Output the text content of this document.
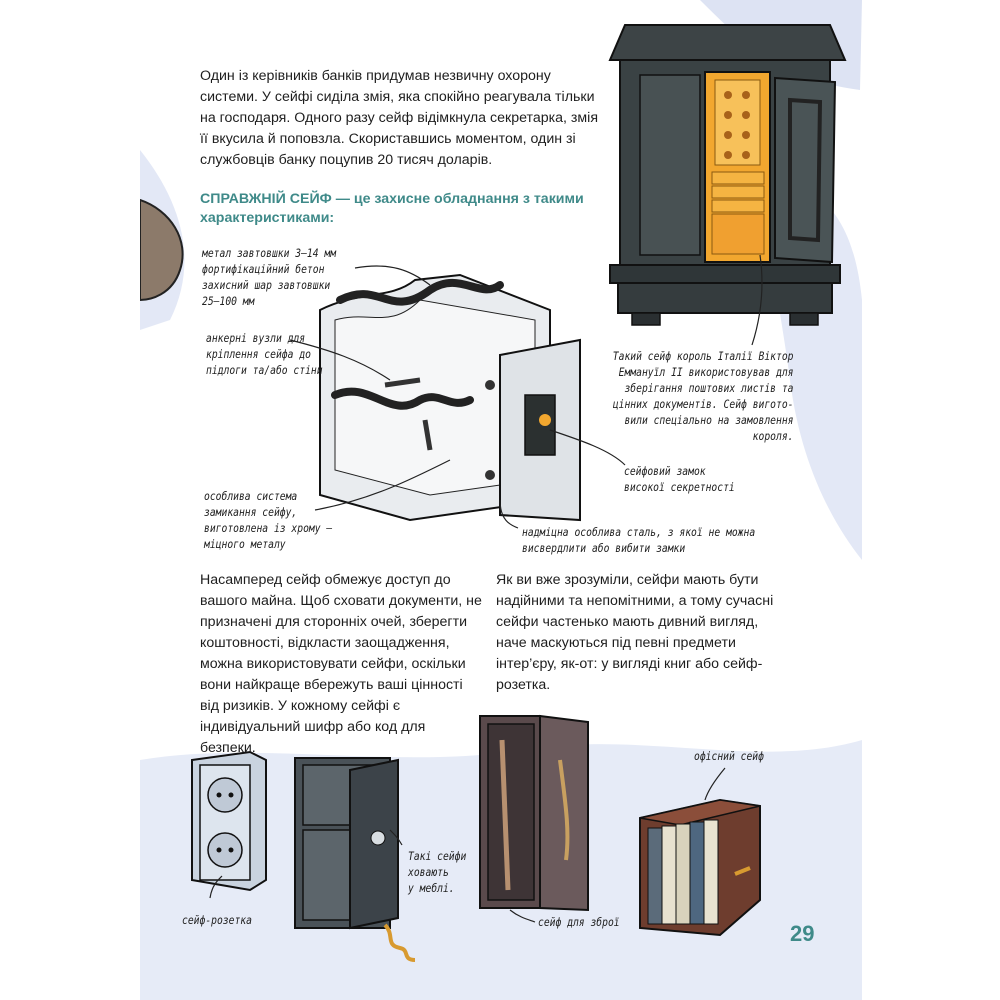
Один із керівників банків придумав незвичну охорону системи. У сейфі сиділа змія, яка спокійно реагувала тільки на господаря. Одного разу сейф відімкнула секретарка, змія її вкусила й поповзла. Скориставшись моментом, один зі службовців банку поцупив 20 тисяч доларів.
СПРАВЖНІЙ СЕЙФ — це захисне обладнання з такими характеристиками:
метал завтовшки 3–14 мм
фортифікаційний бетон
захисний шар завтовшки
25–100 мм
анкерні вузли для
кріплення сейфа до
підлоги та/або стіни
особлива система
замикання сейфу,
виготовлена із хрому –
міцного металу
сейфовий замок
високої секретності
надміцна особлива сталь, з якої не можна
висвердлити або вибити замки
Такий сейф король Італії Віктор
Еммануїл II використовував для
зберігання поштових листів та
цінних документів. Сейф вигото-
вили спеціально на замовлення
короля.
Насамперед сейф обмежує доступ до вашого майна. Щоб сховати документи, не призначені для сторонніх очей, зберегти коштовності, відкласти заощадження, можна використовувати сейфи, оскільки вони найкраще вбережуть ваші цінності від ризиків. У кожному сейфі є індивідуальний шифр або код для безпеки.
Як ви вже зрозуміли, сейфи мають бути надійними та непомітними, а тому сучасні сейфи частенько мають дивний вигляд, наче маскуються під певні предмети інтер’єру, як-от: у вигляді книг або сейф-розетка.
сейф-розетка
Такі сейфи
ховають
у меблі.
сейф для зброї
офісний сейф
29
